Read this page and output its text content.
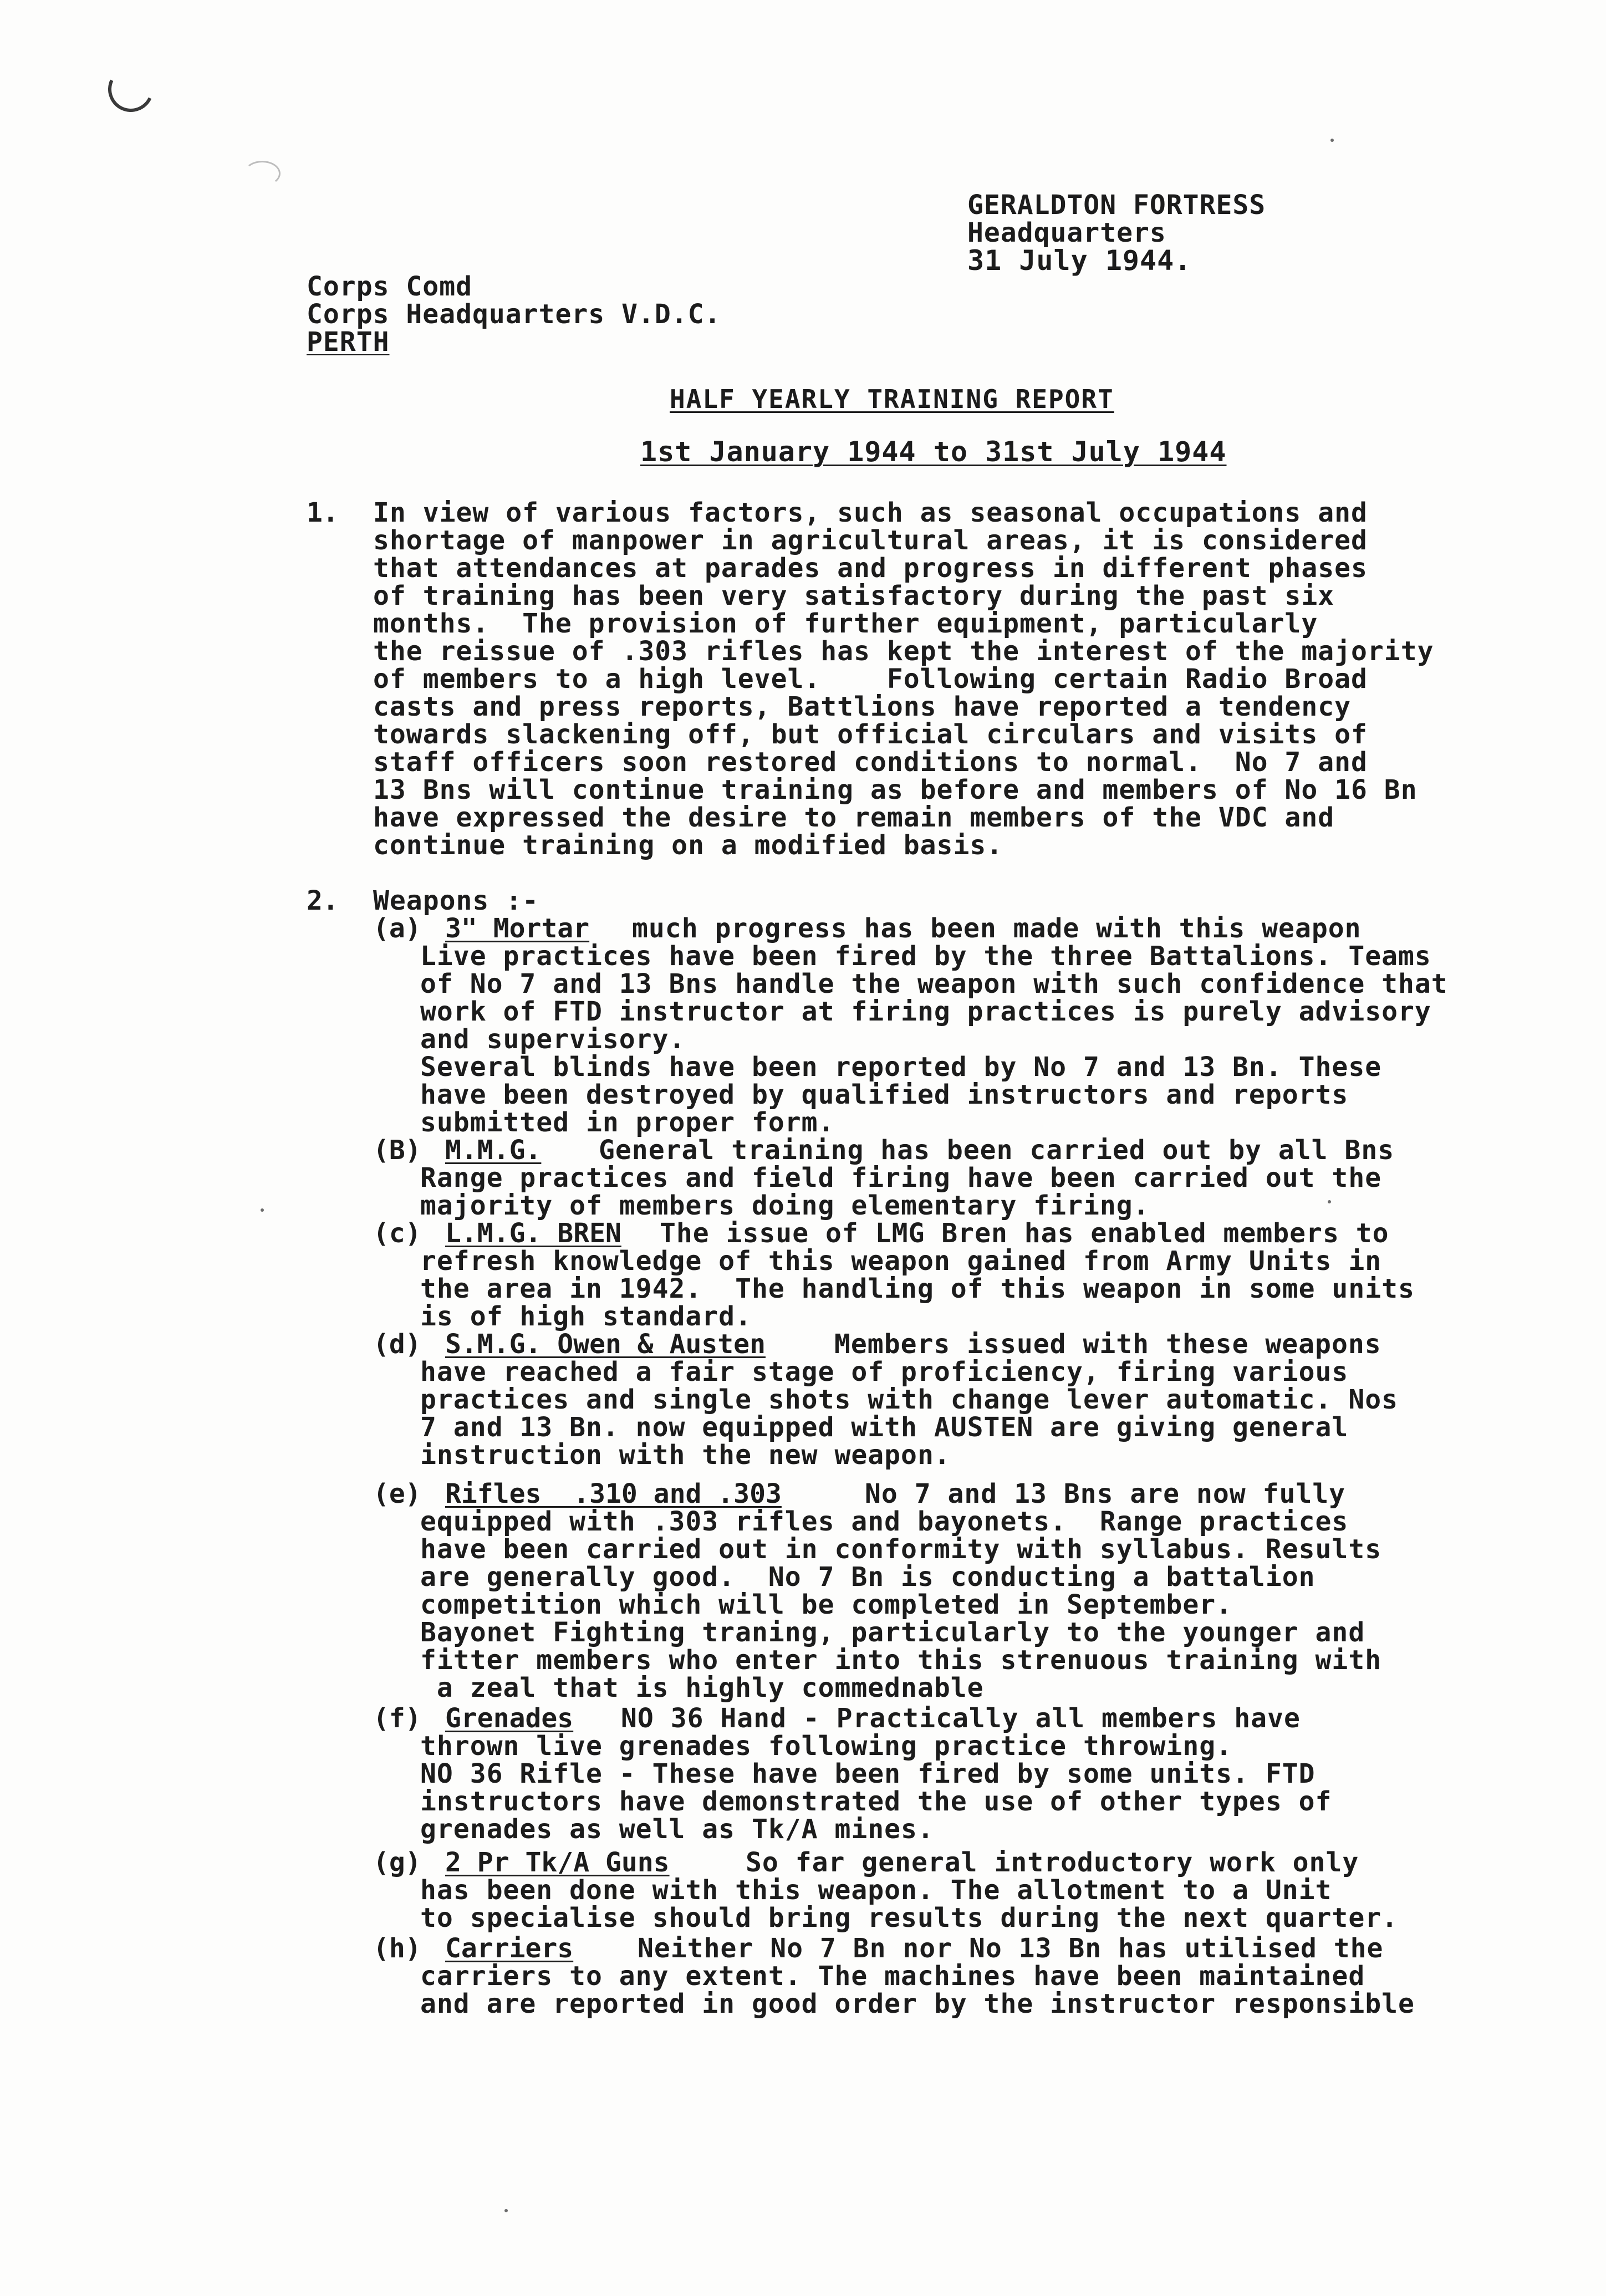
GERALDTON FORTRESS
Headquarters
31 July 1944.
Corps Comd
Corps Headquarters V.D.C.
PERTH
HALF YEARLY TRAINING REPORT
1st January 1944 to 31st July 1944
1. In view of various factors, such as seasonal occupations and
shortage of manpower in agricultural areas, it is considered
that attendances at parades and progress in different phases
of training has been very satisfactory during the past six
months.  The provision of further equipment, particularly
the reissue of .303 rifles has kept the interest of the majority
of members to a high level.    Following certain Radio Broad
casts and press reports, Battlions have reported a tendency
towards slackening off, but official circulars and visits of
staff officers soon restored conditions to normal.  No 7 and
13 Bns will continue training as before and members of No 16 Bn
have expressed the desire to remain members of the VDC and
continue training on a modified basis.
2. Weapons :-
(a) 3" Mortar much progress has been made with this weapon
Live practices have been fired by the three Battalions. Teams
of No 7 and 13 Bns handle the weapon with such confidence that
work of FTD instructor at firing practices is purely advisory
and supervisory.
Several blinds have been reported by No 7 and 13 Bn. These
have been destroyed by qualified instructors and reports
submitted in proper form.
(B) M.M.G. General training has been carried out by all Bns
Range practices and field firing have been carried out the
majority of members doing elementary firing.
(c) L.M.G. BREN The issue of LMG Bren has enabled members to
refresh knowledge of this weapon gained from Army Units in
the area in 1942.  The handling of this weapon in some units
is of high standard.
(d) S.M.G. Owen & Austen	Members issued with these weapons
have reached a fair stage of proficiency, firing various
practices and single shots with change lever automatic. Nos
7 and 13 Bn. now equipped with AUSTEN are giving general
instruction with the new weapon.
(e) Rifles  .310 and .303	No 7 and 13 Bns are now fully
equipped with .303 rifles and bayonets.  Range practices
have been carried out in conformity with syllabus. Results
are generally good.  No 7 Bn is conducting a battalion
competition which will be completed in September.
Bayonet Fighting traning, particularly to the younger and
fitter members who enter into this strenuous training with
a zeal that is highly commednable
(f) Grenades NO 36 Hand - Practically all members have
thrown live grenades following practice throwing.
NO 36 Rifle - These have been fired by some units. FTD
instructors have demonstrated the use of other types of
grenades as well as Tk/A mines.
(g) 2 Pr Tk/A Guns	So far general introductory work only
has been done with this weapon. The allotment to a Unit
to specialise should bring results during the next quarter.
(h) Carriers Neither No 7 Bn nor No 13 Bn has utilised the
carriers to any extent. The machines have been maintained
and are reported in good order by the instructor responsible
